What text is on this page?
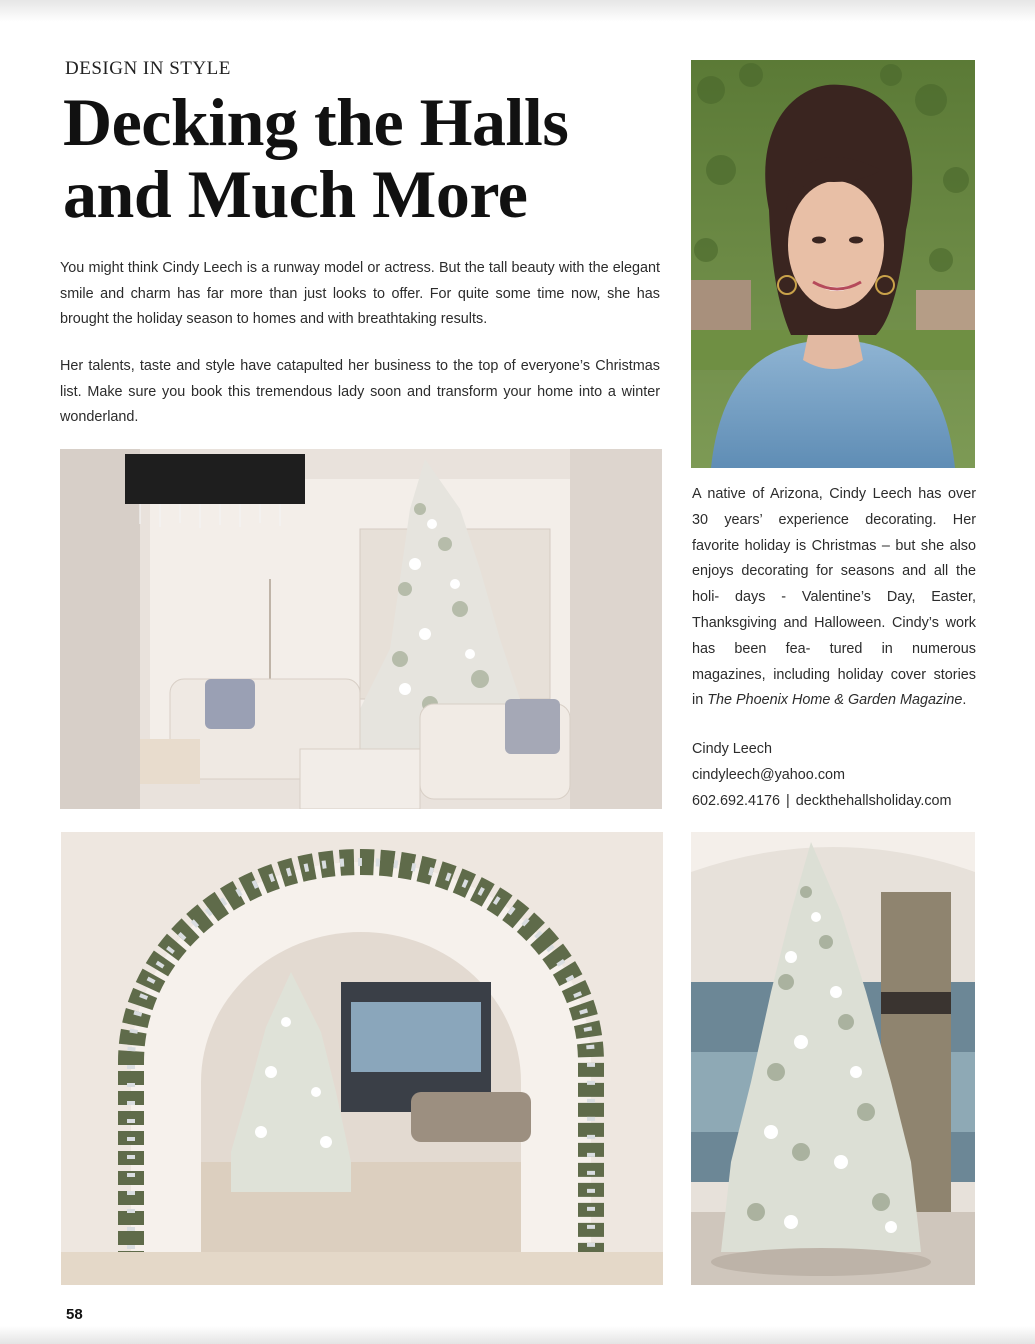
DESIGN IN STYLE
Decking the Halls
and Much More

You might think Cindy Leech is a runway model or actress. But the tall beauty with the elegant smile and charm has far more than just looks to offer. For quite some time now, she has brought the holiday season to homes and with breathtaking results.

Her talents, taste and style have catapulted her business to the top of everyone’s Christmas list. Make sure you book this tremendous lady soon and transform your home into a winter wonderland.

A native of Arizona, Cindy Leech has over 30 years’ experience decorating. Her favorite holiday is Christmas – but she also enjoys decorating for seasons and all the holi- days - Valentine’s Day, Easter, Thanksgiving and Halloween. Cindy’s work has been fea- tured in numerous magazines, including holiday cover stories in The Phoenix Home & Garden Magazine.

Cindy Leech
cindyleech@yahoo.com
602.692.4176 | deckthehallsholiday.com
58
